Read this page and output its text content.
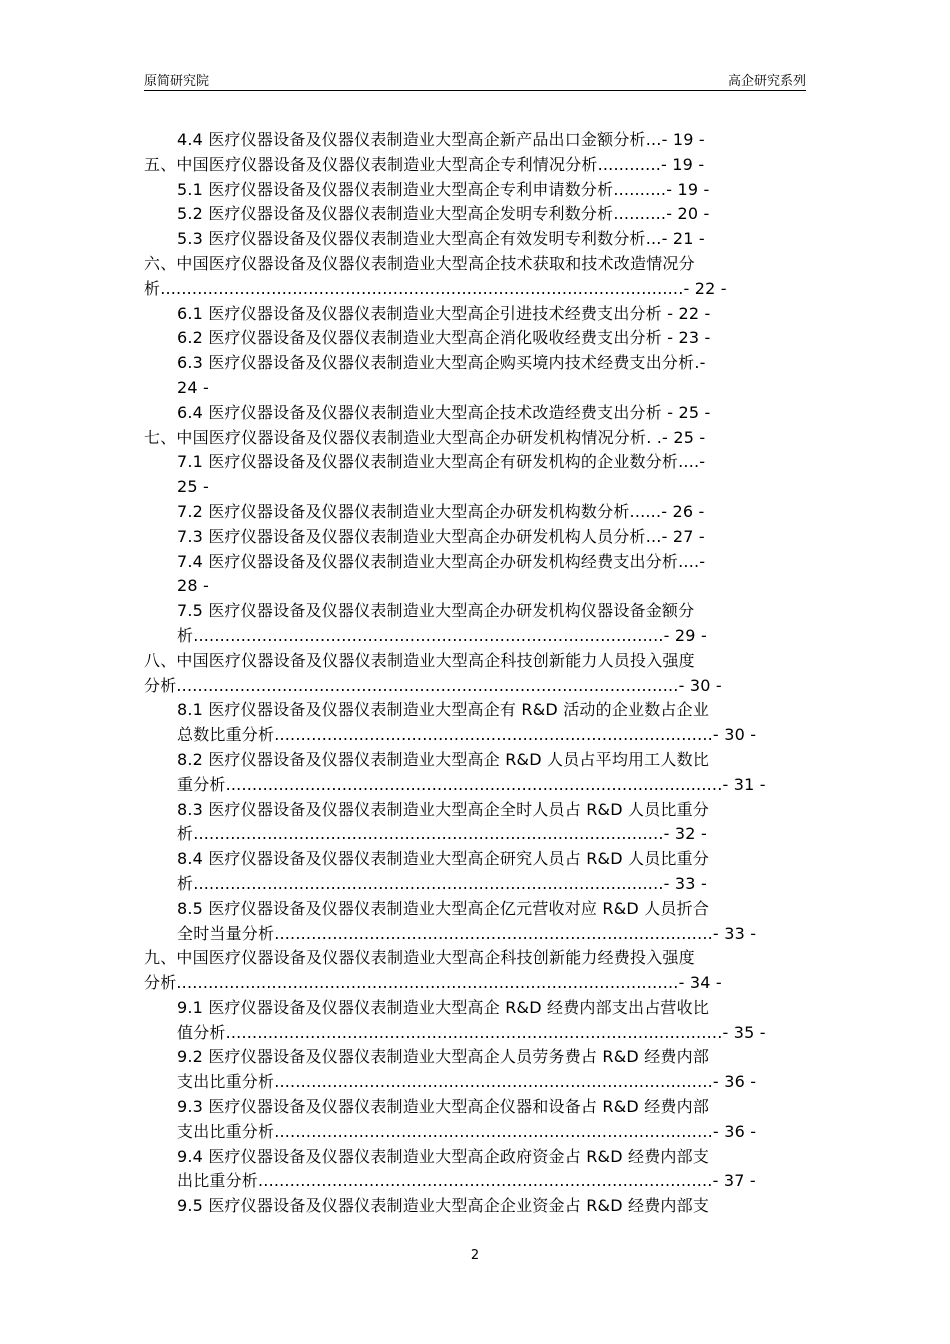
原简研究院	高企研究系列
4.4 医疗仪器设备及仪器仪表制造业大型高企新产品出口金额分析...- 19 -
五、中国医疗仪器设备及仪器仪表制造业大型高企专利情况分析............- 19 -
5.1 医疗仪器设备及仪器仪表制造业大型高企专利申请数分析..........- 19 -
5.2 医疗仪器设备及仪器仪表制造业大型高企发明专利数分析..........- 20 -
5.3 医疗仪器设备及仪器仪表制造业大型高企有效发明专利数分析...- 21 -
六、中国医疗仪器设备及仪器仪表制造业大型高企技术获取和技术改造情况分
析...................................................................................................- 22 -
6.1 医疗仪器设备及仪器仪表制造业大型高企引进技术经费支出分析 - 22 -
6.2 医疗仪器设备及仪器仪表制造业大型高企消化吸收经费支出分析 - 23 -
6.3 医疗仪器设备及仪器仪表制造业大型高企购买境内技术经费支出分析.-
24 -
6.4 医疗仪器设备及仪器仪表制造业大型高企技术改造经费支出分析 - 25 -
七、中国医疗仪器设备及仪器仪表制造业大型高企办研发机构情况分析. .- 25 -
7.1 医疗仪器设备及仪器仪表制造业大型高企有研发机构的企业数分析....-
25 -
7.2 医疗仪器设备及仪器仪表制造业大型高企办研发机构数分析......- 26 -
7.3 医疗仪器设备及仪器仪表制造业大型高企办研发机构人员分析...- 27 -
7.4 医疗仪器设备及仪器仪表制造业大型高企办研发机构经费支出分析....-
28 -
7.5 医疗仪器设备及仪器仪表制造业大型高企办研发机构仪器设备金额分
析.........................................................................................- 29 -
八、中国医疗仪器设备及仪器仪表制造业大型高企科技创新能力人员投入强度
分析...............................................................................................- 30 -
8.1 医疗仪器设备及仪器仪表制造业大型高企有 R&D 活动的企业数占企业
总数比重分析...................................................................................- 30 -
8.2 医疗仪器设备及仪器仪表制造业大型高企 R&D 人员占平均用工人数比
重分析..............................................................................................- 31 -
8.3 医疗仪器设备及仪器仪表制造业大型高企全时人员占 R&D 人员比重分
析.........................................................................................- 32 -
8.4 医疗仪器设备及仪器仪表制造业大型高企研究人员占 R&D 人员比重分
析.........................................................................................- 33 -
8.5 医疗仪器设备及仪器仪表制造业大型高企亿元营收对应 R&D 人员折合
全时当量分析...................................................................................- 33 -
九、中国医疗仪器设备及仪器仪表制造业大型高企科技创新能力经费投入强度
分析...............................................................................................- 34 -
9.1 医疗仪器设备及仪器仪表制造业大型高企 R&D 经费内部支出占营收比
值分析..............................................................................................- 35 -
9.2 医疗仪器设备及仪器仪表制造业大型高企人员劳务费占 R&D 经费内部
支出比重分析...................................................................................- 36 -
9.3 医疗仪器设备及仪器仪表制造业大型高企仪器和设备占 R&D 经费内部
支出比重分析...................................................................................- 36 -
9.4 医疗仪器设备及仪器仪表制造业大型高企政府资金占 R&D 经费内部支
出比重分析......................................................................................- 37 -
9.5 医疗仪器设备及仪器仪表制造业大型高企企业资金占 R&D 经费内部支
2
